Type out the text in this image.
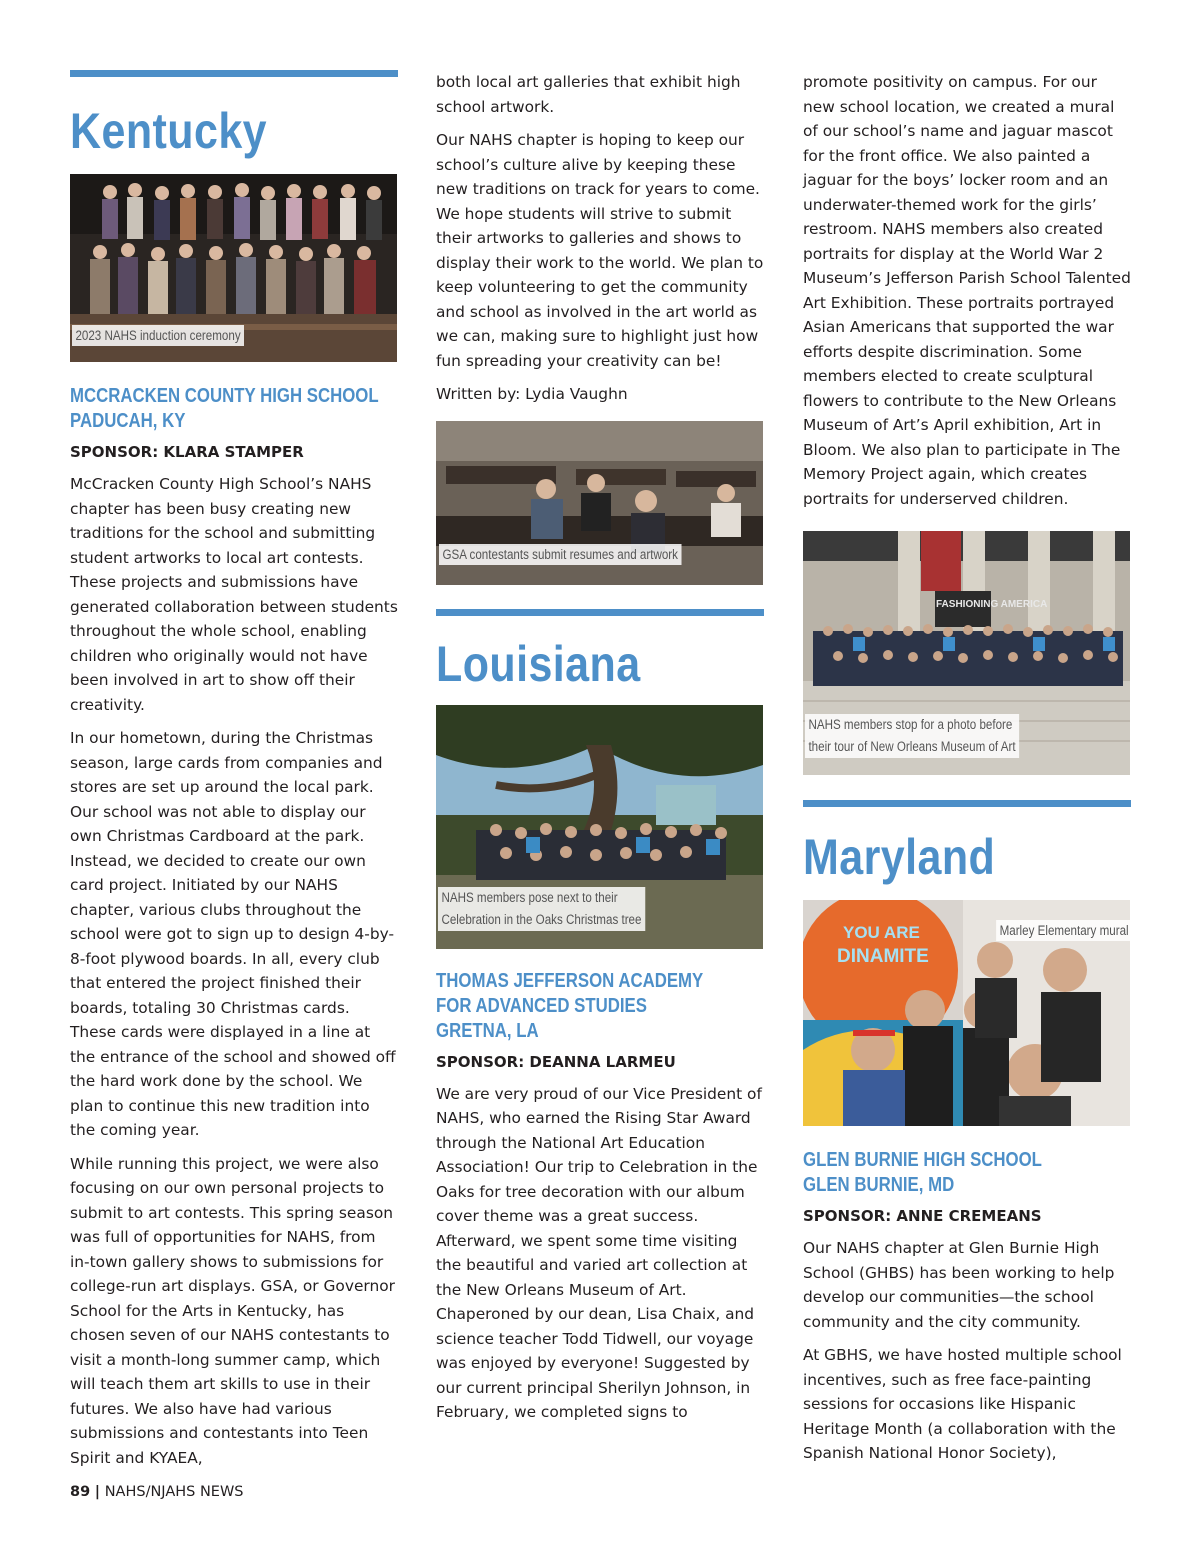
Kentucky
2023 NAHS induction ceremony
MCCRACKEN COUNTY HIGH SCHOOL
PADUCAH, KY
SPONSOR: KLARA STAMPER

McCracken County High School’s NAHS chapter has been busy creating new traditions for the school and submitting student artworks to local art contests. These projects and submissions have generated collaboration between students throughout the whole school, enabling children who originally would not have been involved in art to show off their creativity.

In our hometown, during the Christmas season, large cards from companies and stores are set up around the local park. Our school was not able to display our own Christmas Cardboard at the park. Instead, we decided to create our own card project. Initiated by our NAHS chapter, various clubs throughout the school were got to sign up to design 4-by-8-foot plywood boards. In all, every club that entered the project finished their boards, totaling 30 Christmas cards. These cards were displayed in a line at the entrance of the school and showed off the hard work done by the school. We plan to continue this new tradition into the coming year.

While running this project, we were also focusing on our own personal projects to submit to art contests. This spring season was full of opportunities for NAHS, from in-town gallery shows to submissions for college-run art displays. GSA, or Governor School for the Arts in Kentucky, has chosen seven of our NAHS contestants to visit a month-long summer camp, which will teach them art skills to use in their futures. We also have had various submissions and contestants into Teen Spirit and KYAEA,

both local art galleries that exhibit high school artwork.

Our NAHS chapter is hoping to keep our school’s culture alive by keeping these new traditions on track for years to come. We hope students will strive to submit their artworks to galleries and shows to display their work to the world. We plan to keep volunteering to get the community and school as involved in the art world as we can, making sure to highlight just how fun spreading your creativity can be!

Written by: Lydia Vaughn

GSA contestants submit resumes and artwork
Louisiana
NAHS members pose next to their
Celebration in the Oaks Christmas tree
THOMAS JEFFERSON ACADEMY
FOR ADVANCED STUDIES
GRETNA, LA
SPONSOR: DEANNA LARMEU

We are very proud of our Vice President of NAHS, who earned the Rising Star Award through the National Art Education Association! Our trip to Celebration in the Oaks for tree decoration with our album cover theme was a great success. Afterward, we spent some time visiting the beautiful and varied art collection at the New Orleans Museum of Art. Chaperoned by our dean, Lisa Chaix, and science teacher Todd Tidwell, our voyage was enjoyed by everyone! Suggested by our current principal Sherilyn Johnson, in February, we completed signs to

promote positivity on campus. For our new school location, we created a mural of our school’s name and jaguar mascot for the front office. We also painted a jaguar for the boys’ locker room and an underwater-themed work for the girls’ restroom. NAHS members also created portraits for display at the World War 2 Museum’s Jefferson Parish School Talented Art Exhibition. These portraits portrayed Asian Americans that supported the war efforts despite discrimination. Some members elected to create sculptural flowers to contribute to the New Orleans Museum of Art’s April exhibition, Art in Bloom. We also plan to participate in The Memory Project again, which creates portraits for underserved children.

FASHIONING AMERICA
NAHS members stop for a photo before
their tour of New Orleans Museum of Art
Maryland
YOU ARE
DINAMITE
Marley Elementary mural
GLEN BURNIE HIGH SCHOOL
GLEN BURNIE, MD
SPONSOR: ANNE CREMEANS

Our NAHS chapter at Glen Burnie High School (GHBS) has been working to help develop our communities—the school community and the city community.

At GBHS, we have hosted multiple school incentives, such as free face-painting sessions for occasions like Hispanic Heritage Month (a collaboration with the Spanish National Honor Society),

89 | NAHS/NJAHS NEWS
